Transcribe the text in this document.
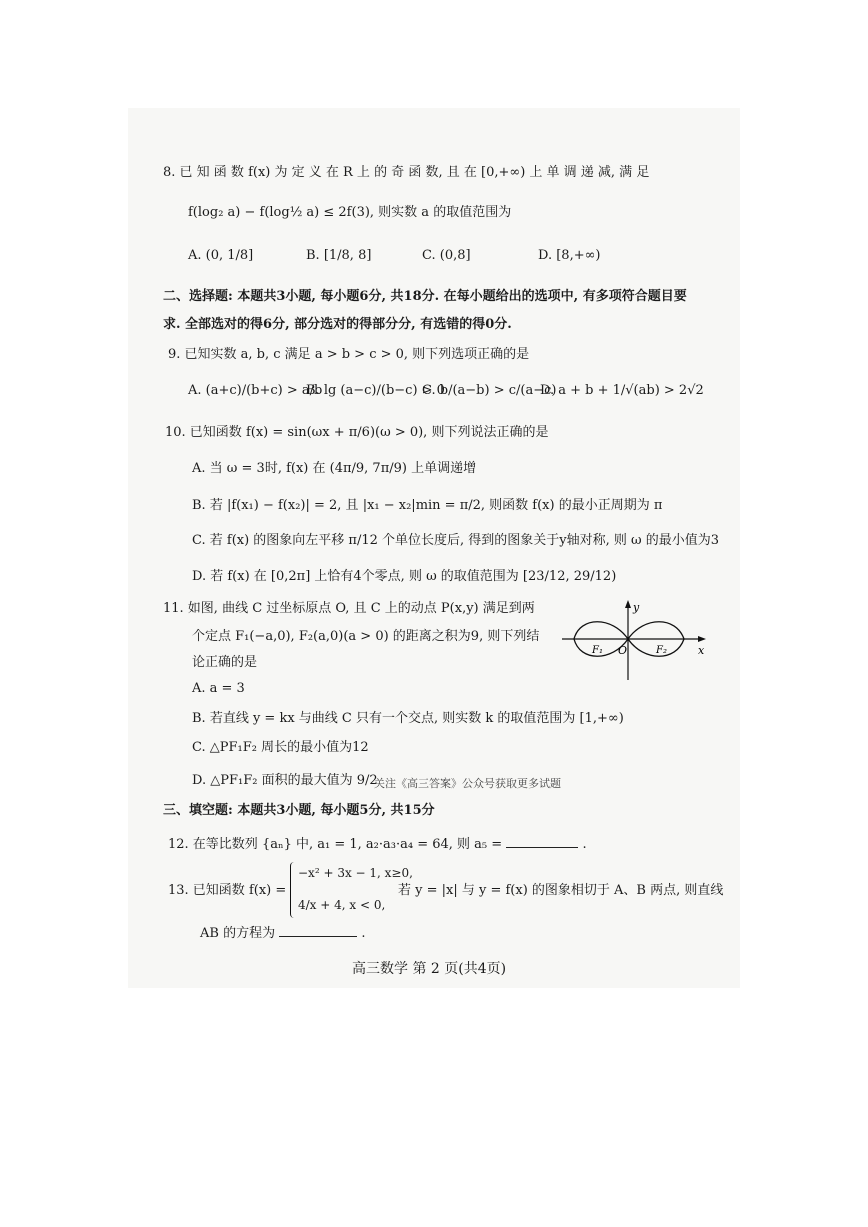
8. 已 知 函 数 f(x) 为 定 义 在 R 上 的 奇 函 数, 且 在 [0,+∞) 上 单 调 递 减, 满 足
f(log₂ a) − f(log½ a) ≤ 2f(3), 则实数 a 的取值范围为
A. (0, 1/8]	B. [1/8, 8]	C. (0,8]	D. [8,+∞)
二、选择题: 本题共3小题, 每小题6分, 共18分. 在每小题给出的选项中, 有多项符合题目要
求. 全部选对的得6分, 部分选对的得部分分, 有选错的得0分.
9. 已知实数 a, b, c 满足 a > b > c > 0, 则下列选项正确的是
A. (a+c)/(b+c) > a/b
B. lg (a−c)/(b−c) > 0
C. b/(a−b) > c/(a−c)
D. a + b + 1/√(ab) > 2√2
10. 已知函数 f(x) = sin(ωx + π/6)(ω > 0), 则下列说法正确的是
A. 当 ω = 3时, f(x) 在 (4π/9, 7π/9) 上单调递增
B. 若 |f(x₁) − f(x₂)| = 2, 且 |x₁ − x₂|min = π/2, 则函数 f(x) 的最小正周期为 π
C. 若 f(x) 的图象向左平移 π/12 个单位长度后, 得到的图象关于y轴对称, 则 ω 的最小值为3
D. 若 f(x) 在 [0,2π] 上恰有4个零点, 则 ω 的取值范围为 [23/12, 29/12)
11. 如图, 曲线 C 过坐标原点 O, 且 C 上的动点 P(x,y) 满足到两
个定点 F₁(−a,0), F₂(a,0)(a > 0) 的距离之积为9, 则下列结
论正确的是
y
x
O
F₁	F₂
A. a = 3
B. 若直线 y = kx 与曲线 C 只有一个交点, 则实数 k 的取值范围为 [1,+∞)
C. △PF₁F₂ 周长的最小值为12
D. △PF₁F₂ 面积的最大值为 9/2
关注《高三答案》公众号获取更多试题
三、填空题: 本题共3小题, 每小题5分, 共15分
12. 在等比数列 {aₙ} 中, a₁ = 1, a₂·a₃·a₄ = 64, 则 a₅ =	.
13. 已知函数 f(x) =
−x² + 3x − 1, x≥0,
4/x + 4, x < 0,
若 y = |x| 与 y = f(x) 的图象相切于 A、B 两点, 则直线
AB 的方程为	.
高三数学 第 2 页(共4页)
